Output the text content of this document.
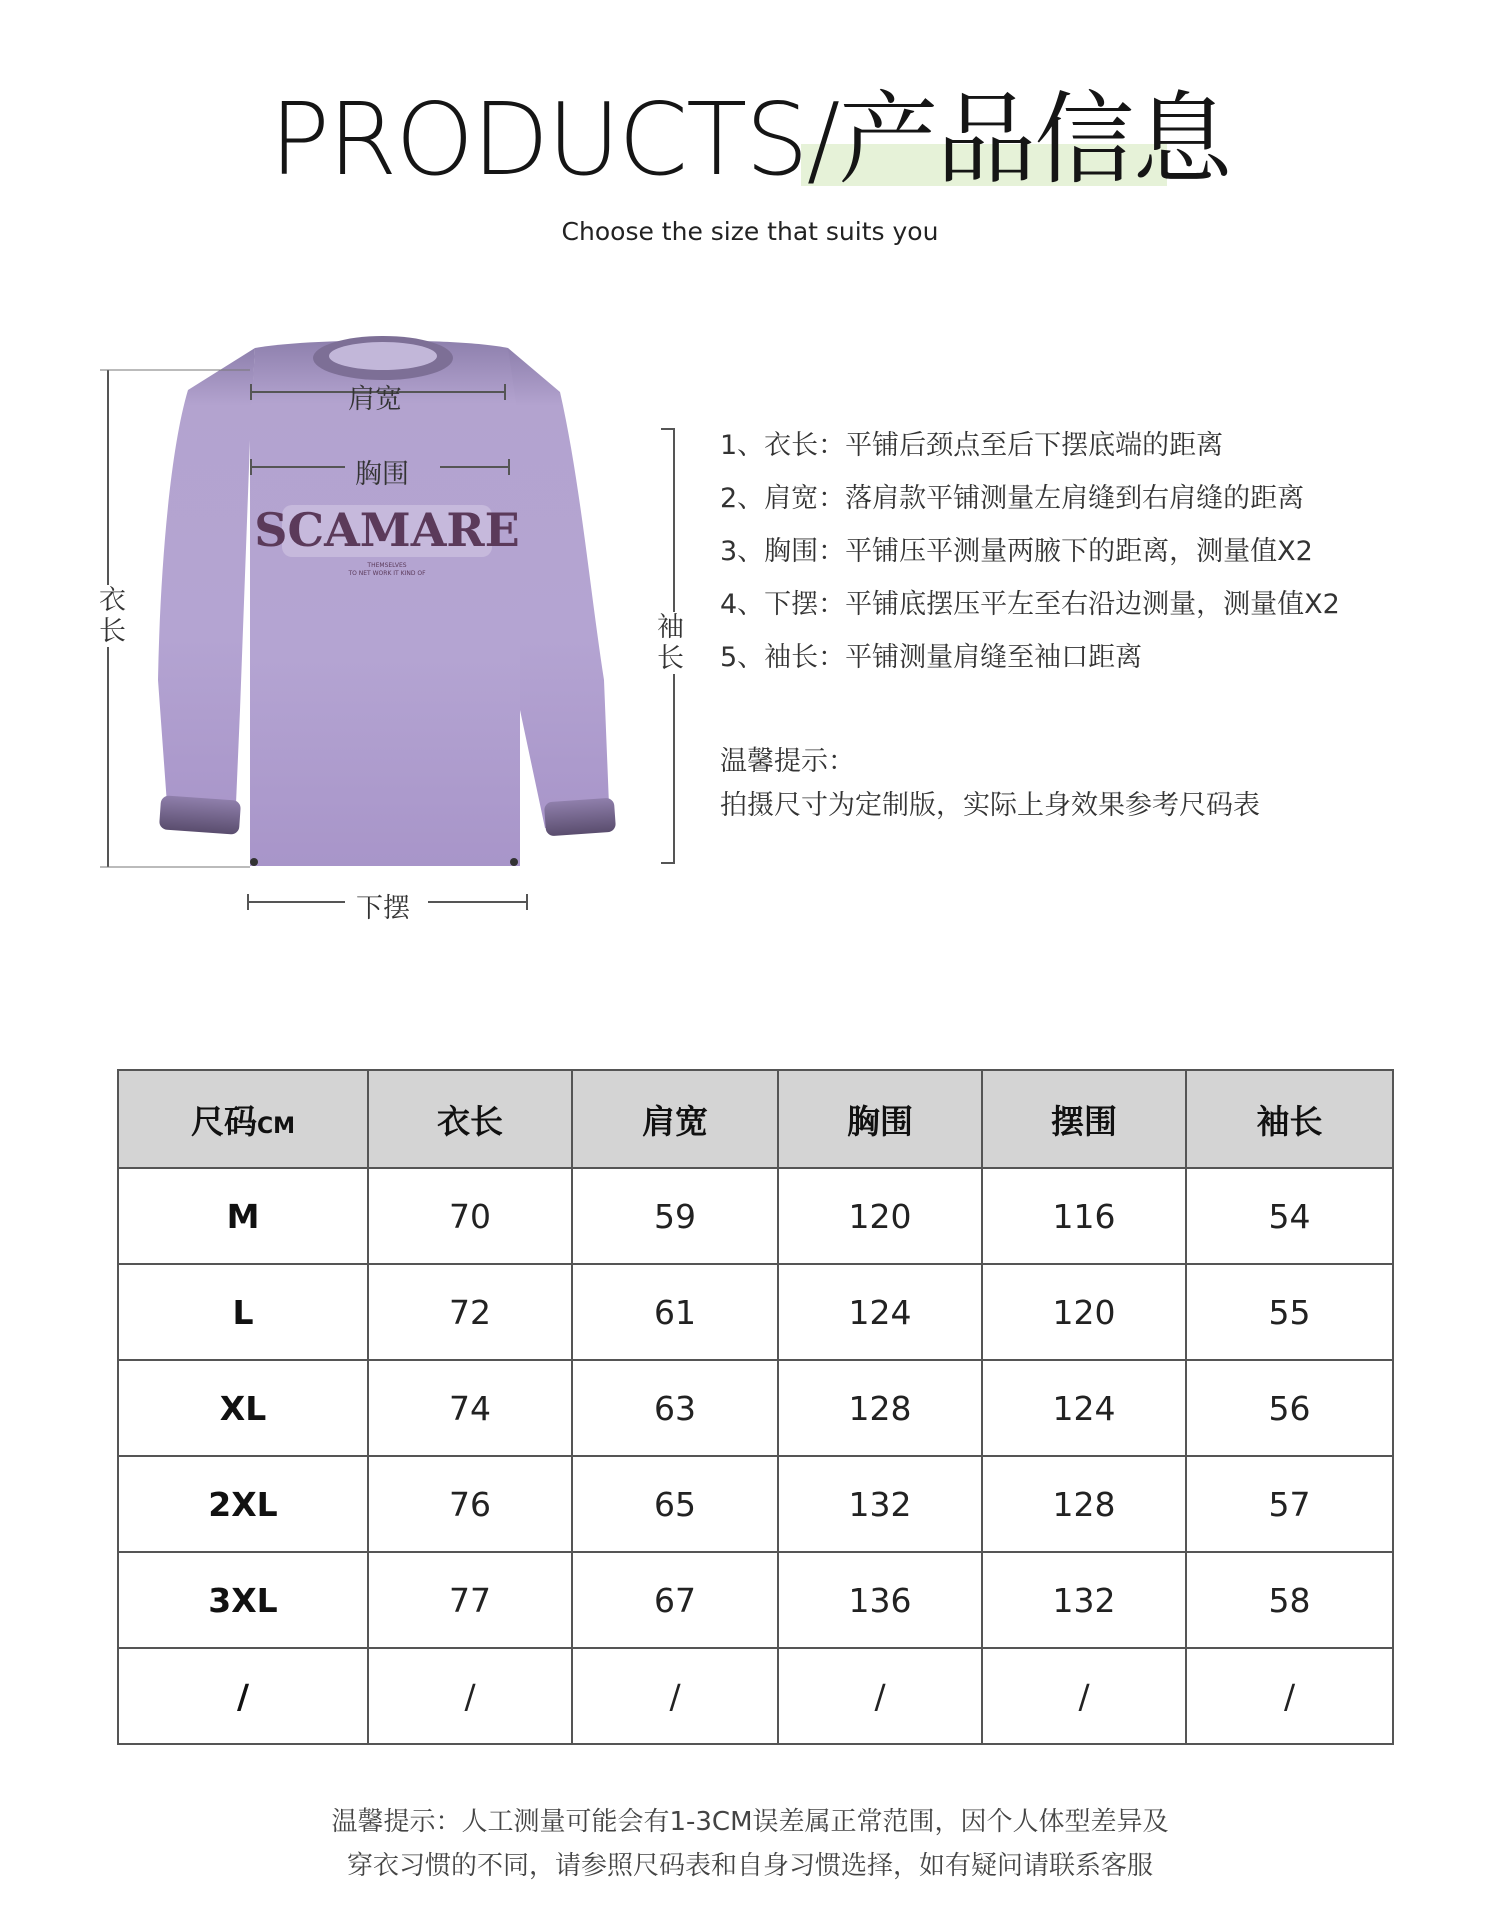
PRODUCTS/产品信息
Choose the size that suits you
SCAMARE
THEMSELVES
TO NET WORK IT KIND OF
肩宽
胸围
衣长
下摆
袖长
1、衣长：平铺后颈点至后下摆底端的距离
2、肩宽：落肩款平铺测量左肩缝到右肩缝的距离
3、胸围：平铺压平测量两腋下的距离，测量值X2
4、下摆：平铺底摆压平左至右沿边测量，测量值X2
5、袖长：平铺测量肩缝至袖口距离
温馨提示：
拍摄尺寸为定制版，实际上身效果参考尺码表
尺码CM	衣长	肩宽	胸围	摆围	袖长
M	70	59	120	116	54
L	72	61	124	120	55
XL	74	63	128	124	56
2XL	76	65	132	128	57
3XL	77	67	136	132	58
/	/	/	/	/	/
温馨提示：人工测量可能会有1-3CM误差属正常范围，因个人体型差异及
穿衣习惯的不同，请参照尺码表和自身习惯选择，如有疑问请联系客服
